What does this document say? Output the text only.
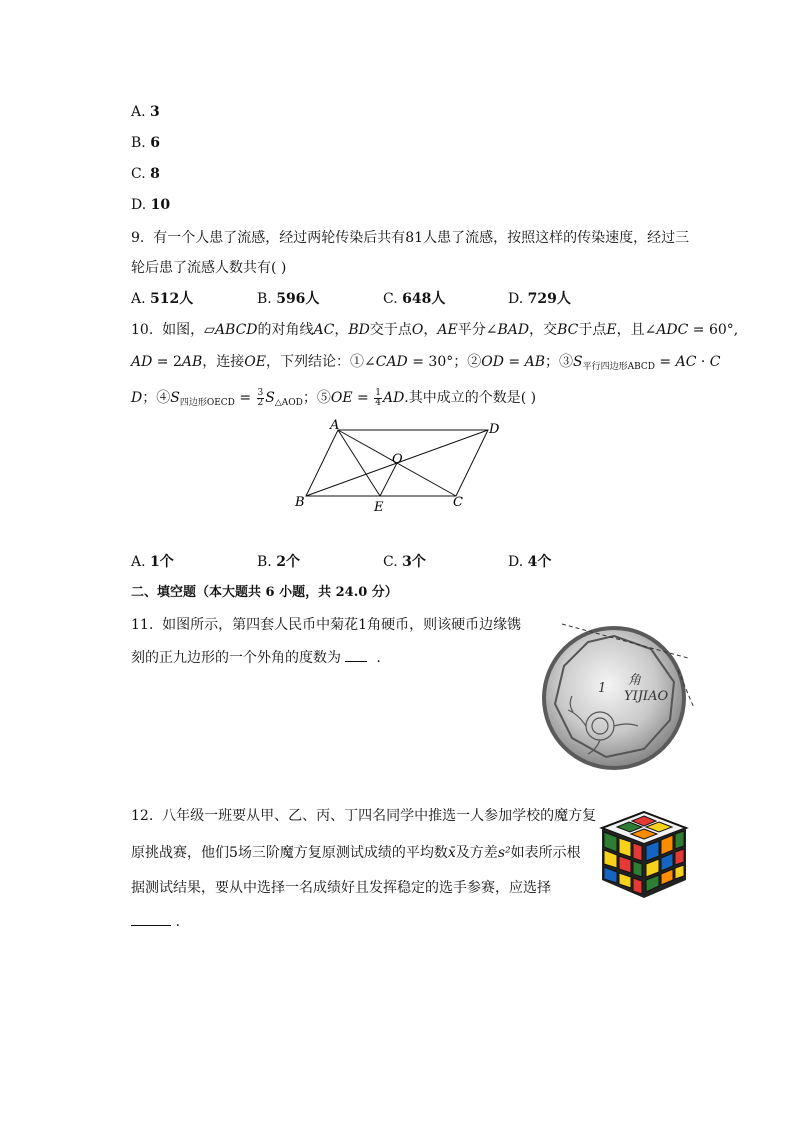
A. 3
B. 6
C. 8
D. 10
9. 有一个人患了流感，经过两轮传染后共有81人患了流感，按照这样的传染速度，经过三
轮后患了流感人数共有( )
A. 512人	B. 596人	C. 648人	D. 729人
10. 如图，▱ABCD的对角线AC，BD交于点O，AE平分∠BAD，交BC于点E，且∠ADC = 60°,
AD = 2AB，连接OE，下列结论：①∠CAD = 30°；②OD = AB；$③S_{平行四边形ABCD}$ = AC · C
D；$④S_{四边形OECD} = \frac{3}{2} S_{\triangle AOD}$；⑤OE = $\frac{1}{4}$ AD.其中成立的个数是( )
A	D
O
B	E	C
A. 1个	B. 2个	C. 3个	D. 4个
二、填空题（本大题共 6 小题，共 24.0 分）
11. 如图所示，第四套人民币中菊花1角硬币，则该硬币边缘镌
刻的正九边形的一个外角的度数为	.
1
角
YIJIAO
12. 八年级一班要从甲、乙、丙、丁四名同学中推选一人参加学校的魔方复
原挑战赛，他们5场三阶魔方复原测试成绩的平均数x̄及方差s²如表所示根
据测试结果，要从中选择一名成绩好且发挥稳定的选手参赛，应选择
.
